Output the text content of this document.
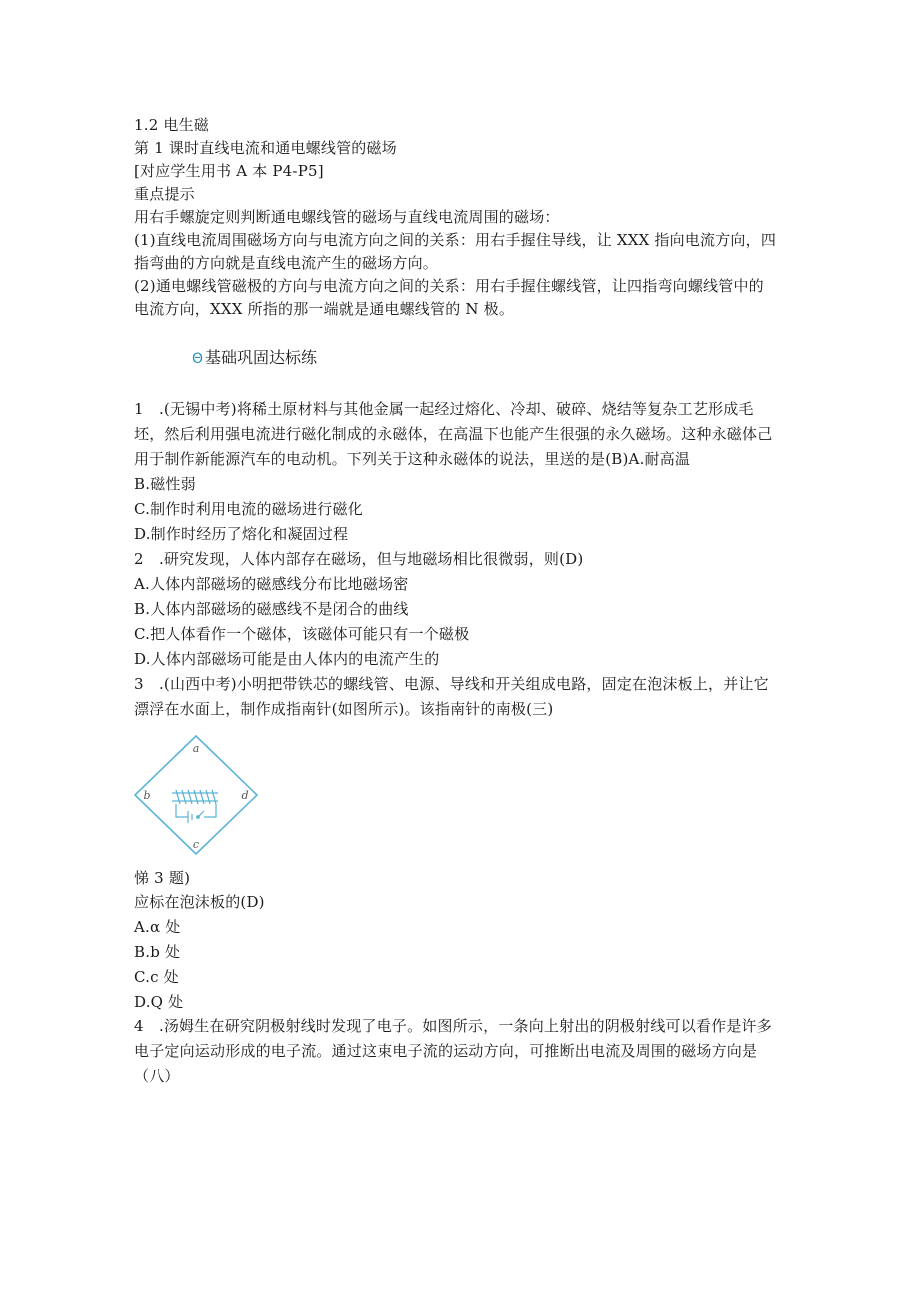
1.2 电生磁
第 1 课时直线电流和通电螺线管的磁场
[对应学生用书 A 本 P4-P5]
重点提示
用右手螺旋定则判断通电螺线管的磁场与直线电流周围的磁场：
(1)直线电流周围磁场方向与电流方向之间的关系：用右手握住导线，让 XXX 指向电流方向，四
指弯曲的方向就是直线电流产生的磁场方向。
(2)通电螺线管磁极的方向与电流方向之间的关系：用右手握住螺线管，让四指弯向螺线管中的
电流方向，XXX 所指的那一端就是通电螺线管的 N 极。
Θ 基础巩固达标练
1　.(无锡中考)将稀土原材料与其他金属一起经过熔化、冷却、破碎、烧结等复杂工艺形成毛
坯，然后利用强电流进行磁化制成的永磁体，在高温下也能产生很强的永久磁场。这种永磁体己
用于制作新能源汽车的电动机。下列关于这种永磁体的说法，里送的是(B)A.耐高温
B.磁性弱
C.制作时利用电流的磁场进行磁化
D.制作时经历了熔化和凝固过程
2　.研究发现，人体内部存在磁场，但与地磁场相比很微弱，则(D)
A.人体内部磁场的磁感线分布比地磁场密
B.人体内部磁场的磁感线不是闭合的曲线
C.把人体看作一个磁体，该磁体可能只有一个磁极
D.人体内部磁场可能是由人体内的电流产生的
3　.(山西中考)小明把带铁芯的螺线管、电源、导线和开关组成电路，固定在泡沫板上，并让它
漂浮在水面上，制作成指南针(如图所示)。该指南针的南极(三)
a
b	d
c
悌 3 题)
应标在泡沫板的(D)
A.α 处
B.b 处
C.c 处
D.Q 处
4　.汤姆生在研究阴极射线时发现了电子。如图所示，一条向上射出的阴极射线可以看作是许多
电子定向运动形成的电子流。通过这束电子流的运动方向，可推断出电流及周围的磁场方向是
（八）
